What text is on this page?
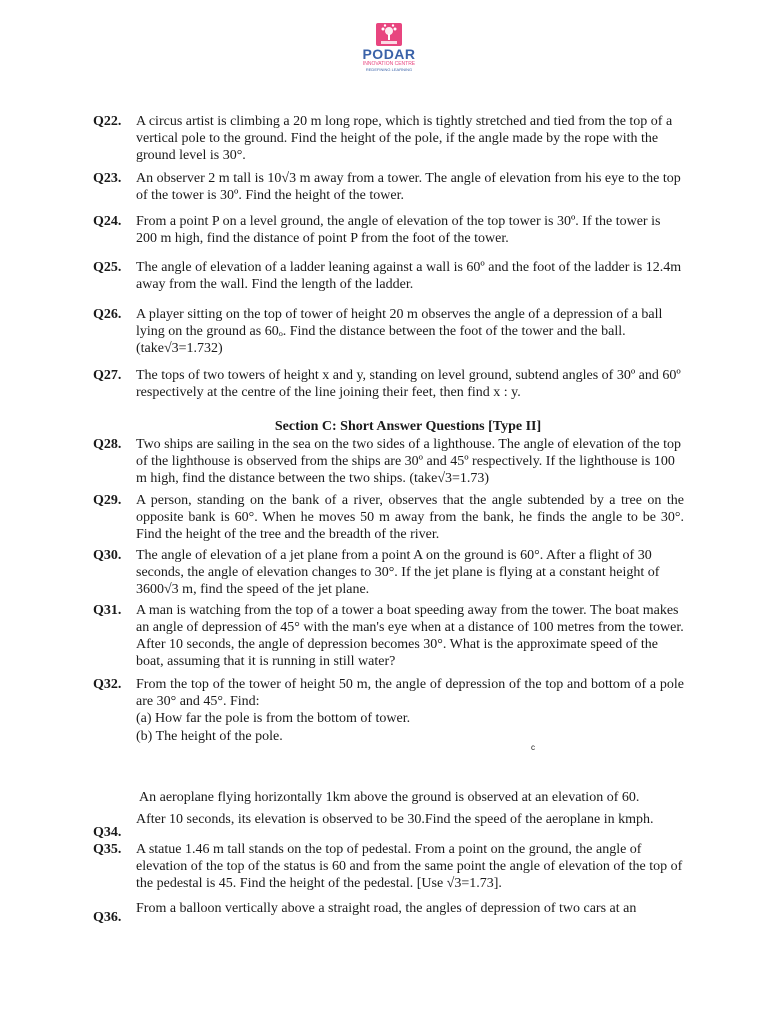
PODAR
INNOVATION CENTRE
REDEFINING LEARNING
Q22. A circus artist is climbing a 20 m long rope, which is tightly stretched and tied from the top of a vertical pole to the ground. Find the height of the pole, if the angle made by the rope with the ground level is 30°.
Q23. An observer 2 m tall is 10√3 m away from a tower. The angle of elevation from his eye to the top of the tower is 30º. Find the height of the tower.
Q24. From a point P on a level ground, the angle of elevation of the top tower is 30º. If the tower is 200 m high, find the distance of point P from the foot of the tower.
Q25. The angle of elevation of a ladder leaning against a wall is 60º and the foot of the ladder is 12.4m away from the wall. Find the length of the ladder.
Q26. A player sitting on the top of tower of height 20 m observes the angle of a depression of a ball lying on the ground as 60ₒ. Find the distance between the foot of the tower and the ball. (take√3=1.732)
Q27. The tops of two towers of height x and y, standing on level ground, subtend angles of 30º and 60º respectively at the centre of the line joining their feet, then find x : y.
Section C: Short Answer Questions [Type II]
Q28. Two ships are sailing in the sea on the two sides of a lighthouse. The angle of elevation of the top of the lighthouse is observed from the ships are 30º and 45º respectively. If the lighthouse is 100 m high, find the distance between the two ships. (take√3=1.73)
Q29. A person, standing on the bank of a river, observes that the angle subtended by a tree on the opposite bank is 60°. When he moves 50 m away from the bank, he finds the angle to be 30°. Find the height of the tree and the breadth of the river.
Q30. The angle of elevation of a jet plane from a point A on the ground is 60°. After a flight of 30 seconds, the angle of elevation changes to 30°. If the jet plane is flying at a constant height of 3600√3 m, find the speed of the jet plane.
Q31. A man is watching from the top of a tower a boat speeding away from the tower. The boat makes an angle of depression of 45° with the man's eye when at a distance of 100 metres from the tower. After 10 seconds, the angle of depression becomes 30°. What is the approximate speed of the boat, assuming that it is running in still water?
Q32. From the top of the tower of height 50 m, the angle of depression of the top and bottom of a pole are 30° and 45°. Find:

(a) How far the pole is from the bottom of tower.

(b) The height of the pole.

c
An aeroplane flying horizontally 1km above the ground is observed at an elevation of 60.
After 10 seconds, its elevation is observed to be 30.Find the speed of the aeroplane in kmph.
Q34.
Q35. A statue 1.46 m tall stands on the top of pedestal. From a point on the ground, the angle of elevation of the top of the status is 60 and from the same point the angle of elevation of the top of the pedestal is 45. Find the height of the pedestal. [Use √3=1.73].
From a balloon vertically above a straight road, the angles of depression of two cars at an
Q36.
